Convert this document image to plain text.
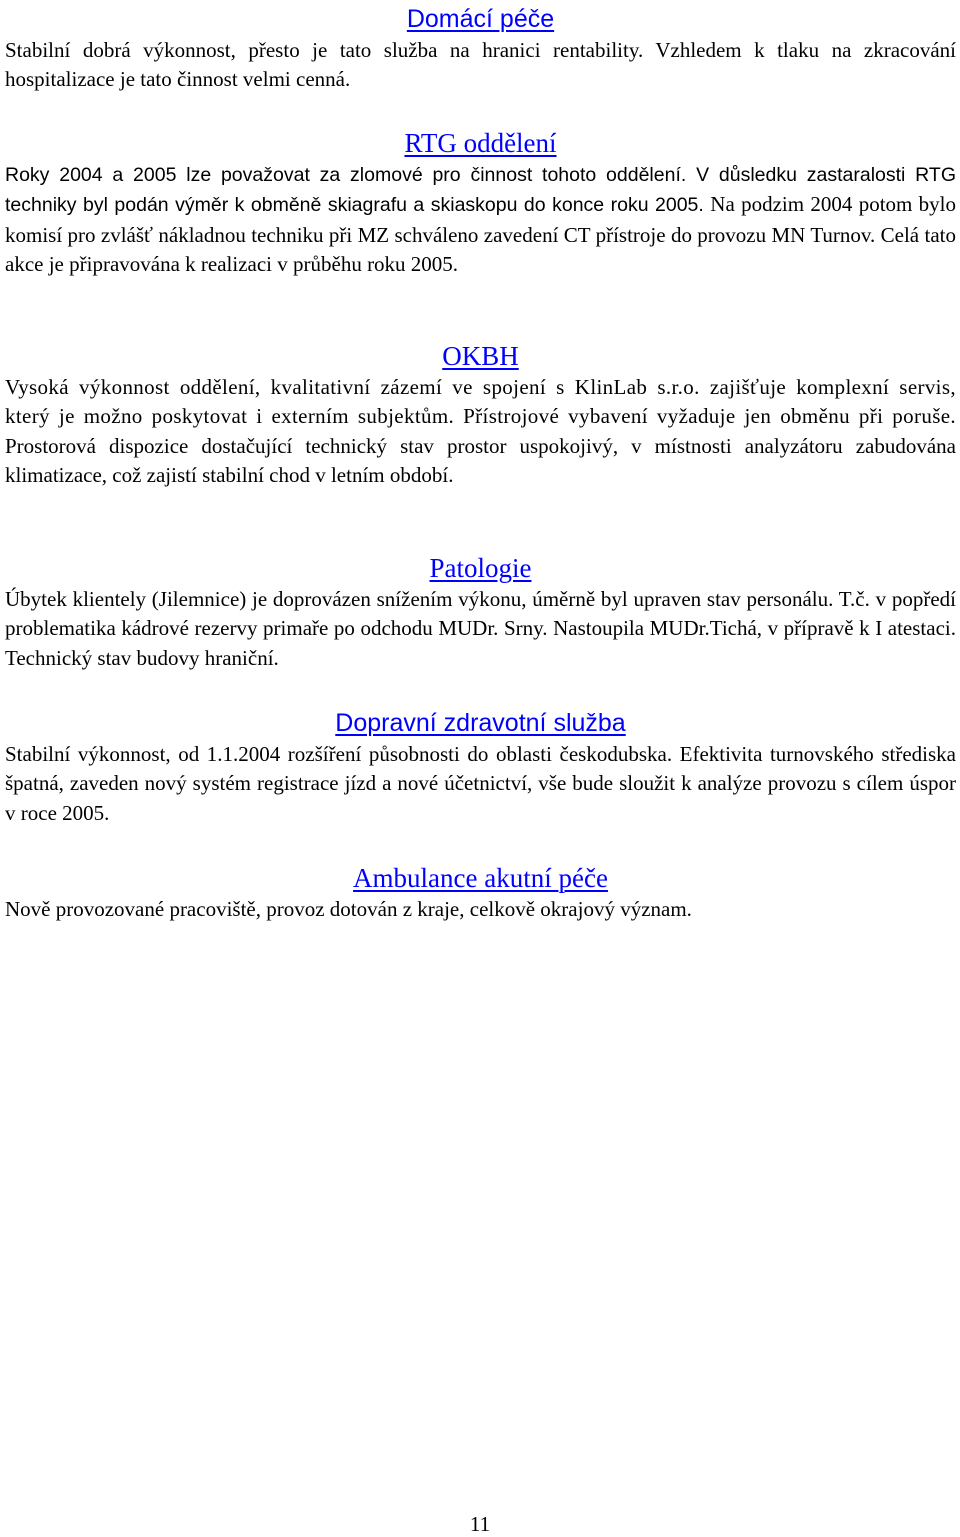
Domácí péče

Stabilní dobrá výkonnost, přesto je tato služba na hranici rentability. Vzhledem k tlaku na zkracování hospitalizace je tato činnost velmi cenná.

RTG oddělení

Roky 2004 a 2005 lze považovat za zlomové pro činnost tohoto oddělení. V důsledku zastaralosti RTG techniky byl podán výměr k obměně skiagrafu a skiaskopu do konce roku 2005. Na podzim 2004 potom bylo komisí pro zvlášť nákladnou techniku při MZ schváleno zavedení CT přístroje do provozu MN Turnov. Celá tato akce je připravována k realizaci v průběhu roku 2005.

OKBH

Vysoká výkonnost oddělení, kvalitativní zázemí ve spojení s KlinLab s.r.o. zajišťuje komplexní servis, který je možno poskytovat i externím subjektům. Přístrojové vybavení vyžaduje jen obměnu při poruše. Prostorová dispozice dostačující technický stav prostor uspokojivý, v místnosti analyzátoru zabudována klimatizace, což zajistí stabilní chod v letním období.

Patologie

Úbytek klientely (Jilemnice) je doprovázen snížením výkonu, úměrně byl upraven stav personálu. T.č. v popředí problematika kádrové rezervy primaře po odchodu MUDr. Srny. Nastoupila MUDr.Tichá, v přípravě k I atestaci. Technický stav budovy hraniční.

Dopravní zdravotní služba

Stabilní výkonnost, od 1.1.2004 rozšíření působnosti do oblasti českodubska. Efektivita turnovského střediska špatná, zaveden nový systém registrace jízd a nové účetnictví, vše bude sloužit k analýze provozu s cílem úspor v roce 2005.

Ambulance akutní péče

Nově provozované pracoviště, provoz dotován z kraje, celkově okrajový význam.

11
